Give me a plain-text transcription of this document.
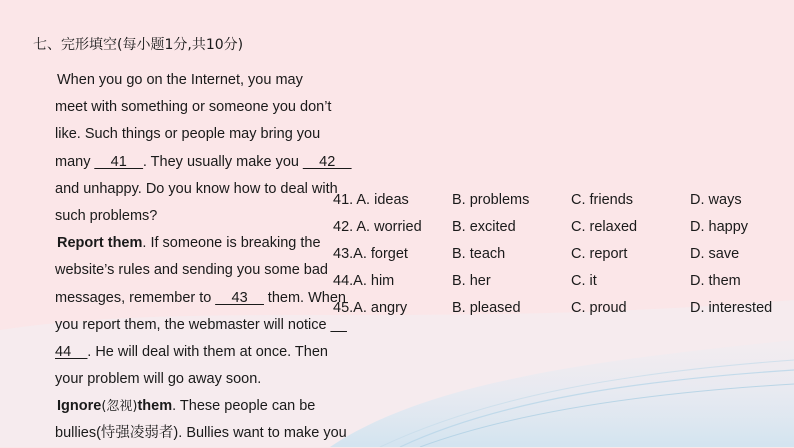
七、完形填空(每小题1分,共10分)
When you go on the Internet, you may
meet with something or someone you don’t
like. Such things or people may bring you
many __41__. They usually make you __42__
and unhappy. Do you know how to deal with
such problems?
Report them. If someone is breaking the
website’s rules and sending you some bad
messages, remember to __43__ them. When
you report them, the webmaster will notice __
44__. He will deal with them at once. Then
your problem will go away soon.
Ignore(忽视)them. These people can be
bullies(恃强凌弱者). Bullies want to make you
41. A. ideas	B. problems	C. friends	D. ways
42. A. worried B. excited	C. relaxed	D. happy
43.A. forget	B. teach	C. report	D. save
44.A. him	B. her	C. it	D. them
45.A. angry	B. pleased	C. proud	D. interested
